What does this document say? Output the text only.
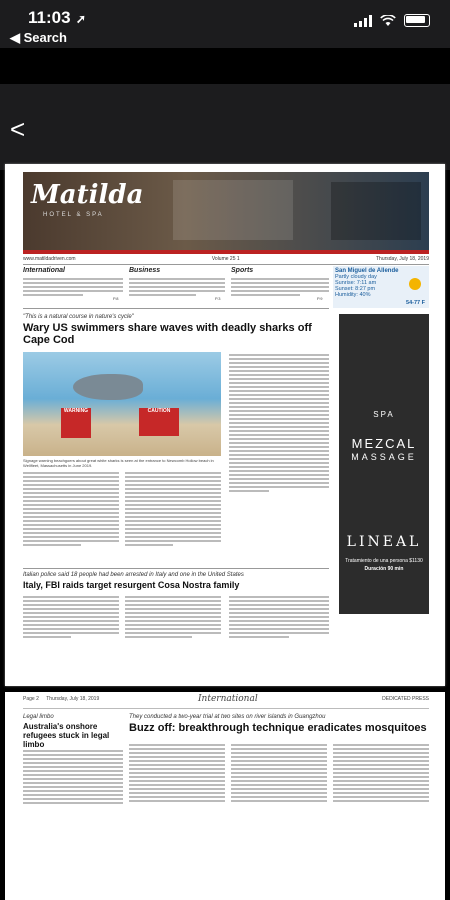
11:03 ➚
◀ Search
<
Matilda
HOTEL & SPA
www.matildadriven.com	Volume 25 1	Thursday, July 18, 2019
International	Business	Sports
P.8	P.3	P.9
San Miguel de Allende
Partly cloudy day
Sunrise: 7:11 am
Sunset: 8:27 pm
Humidity: 40%
54-77 F
"This is a natural course in nature's cycle"
Wary US swimmers share waves with deadly sharks off Cape Cod
WARNING	CAUTION
Signage warning beachgoers about great white sharks is seen at the entrance to Newcomb Hollow beach in Wellfleet, Massachusetts in June 2019.
Italian police said 18 people had been arrested in Italy and one in the United States
Italy, FBI raids target resurgent Cosa Nostra family
SPA
MEZCAL
MASSAGE
LINEAL
Tratamiento de una persona $1130
Duración 90 min
Page 2 Thursday, July 18, 2019	International	DEDICATED PRESS
Legal limbo
Australia's onshore refugees stuck in legal limbo
They conducted a two-year trial at two sites on river islands in Guangzhou
Buzz off: breakthrough technique eradicates mosquitoes
